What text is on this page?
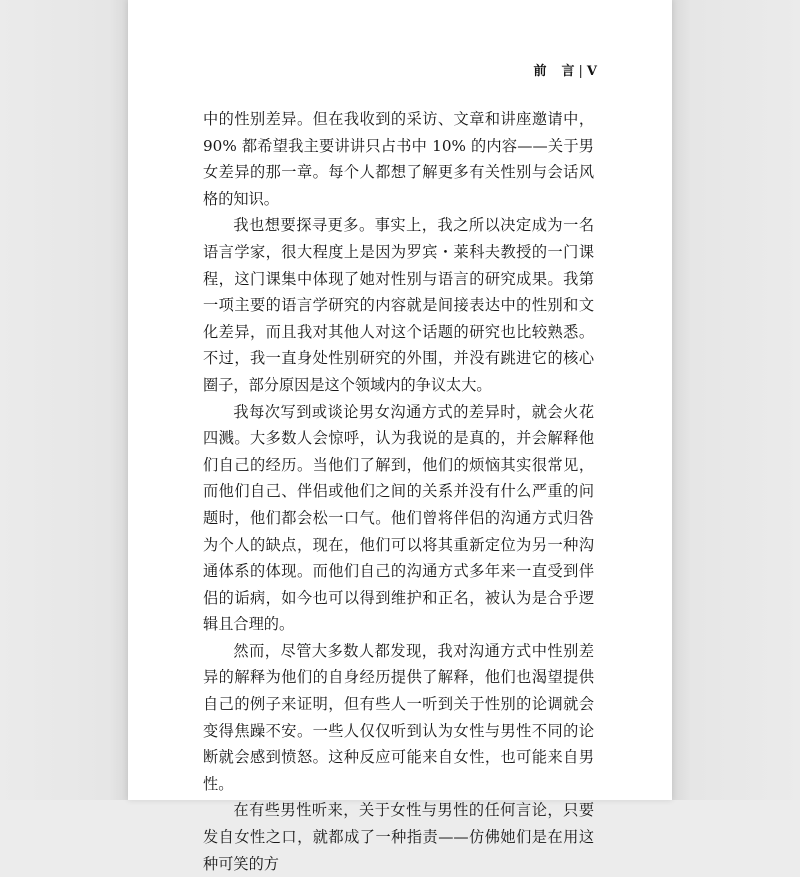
前　言 | V

中的性别差异。但在我收到的采访、文章和讲座邀请中，90% 都希望我主要讲讲只占书中 10% 的内容——关于男女差异的那一章。每个人都想了解更多有关性别与会话风格的知识。

我也想要探寻更多。事实上，我之所以决定成为一名语言学家，很大程度上是因为罗宾・莱科夫教授的一门课程，这门课集中体现了她对性别与语言的研究成果。我第一项主要的语言学研究的内容就是间接表达中的性别和文化差异，而且我对其他人对这个话题的研究也比较熟悉。不过，我一直身处性别研究的外围，并没有跳进它的核心圈子，部分原因是这个领域内的争议太大。

我每次写到或谈论男女沟通方式的差异时，就会火花四溅。大多数人会惊呼，认为我说的是真的，并会解释他们自己的经历。当他们了解到，他们的烦恼其实很常见，而他们自己、伴侣或他们之间的关系并没有什么严重的问题时，他们都会松一口气。他们曾将伴侣的沟通方式归咎为个人的缺点，现在，他们可以将其重新定位为另一种沟通体系的体现。而他们自己的沟通方式多年来一直受到伴侣的诟病，如今也可以得到维护和正名，被认为是合乎逻辑且合理的。

然而，尽管大多数人都发现，我对沟通方式中性别差异的解释为他们的自身经历提供了解释，他们也渴望提供自己的例子来证明，但有些人一听到关于性别的论调就会变得焦躁不安。一些人仅仅听到认为女性与男性不同的论断就会感到愤怒。这种反应可能来自女性，也可能来自男性。

在有些男性听来，关于女性与男性的任何言论，只要发自女性之口，就都成了一种指责——仿佛她们是在用这种可笑的方
